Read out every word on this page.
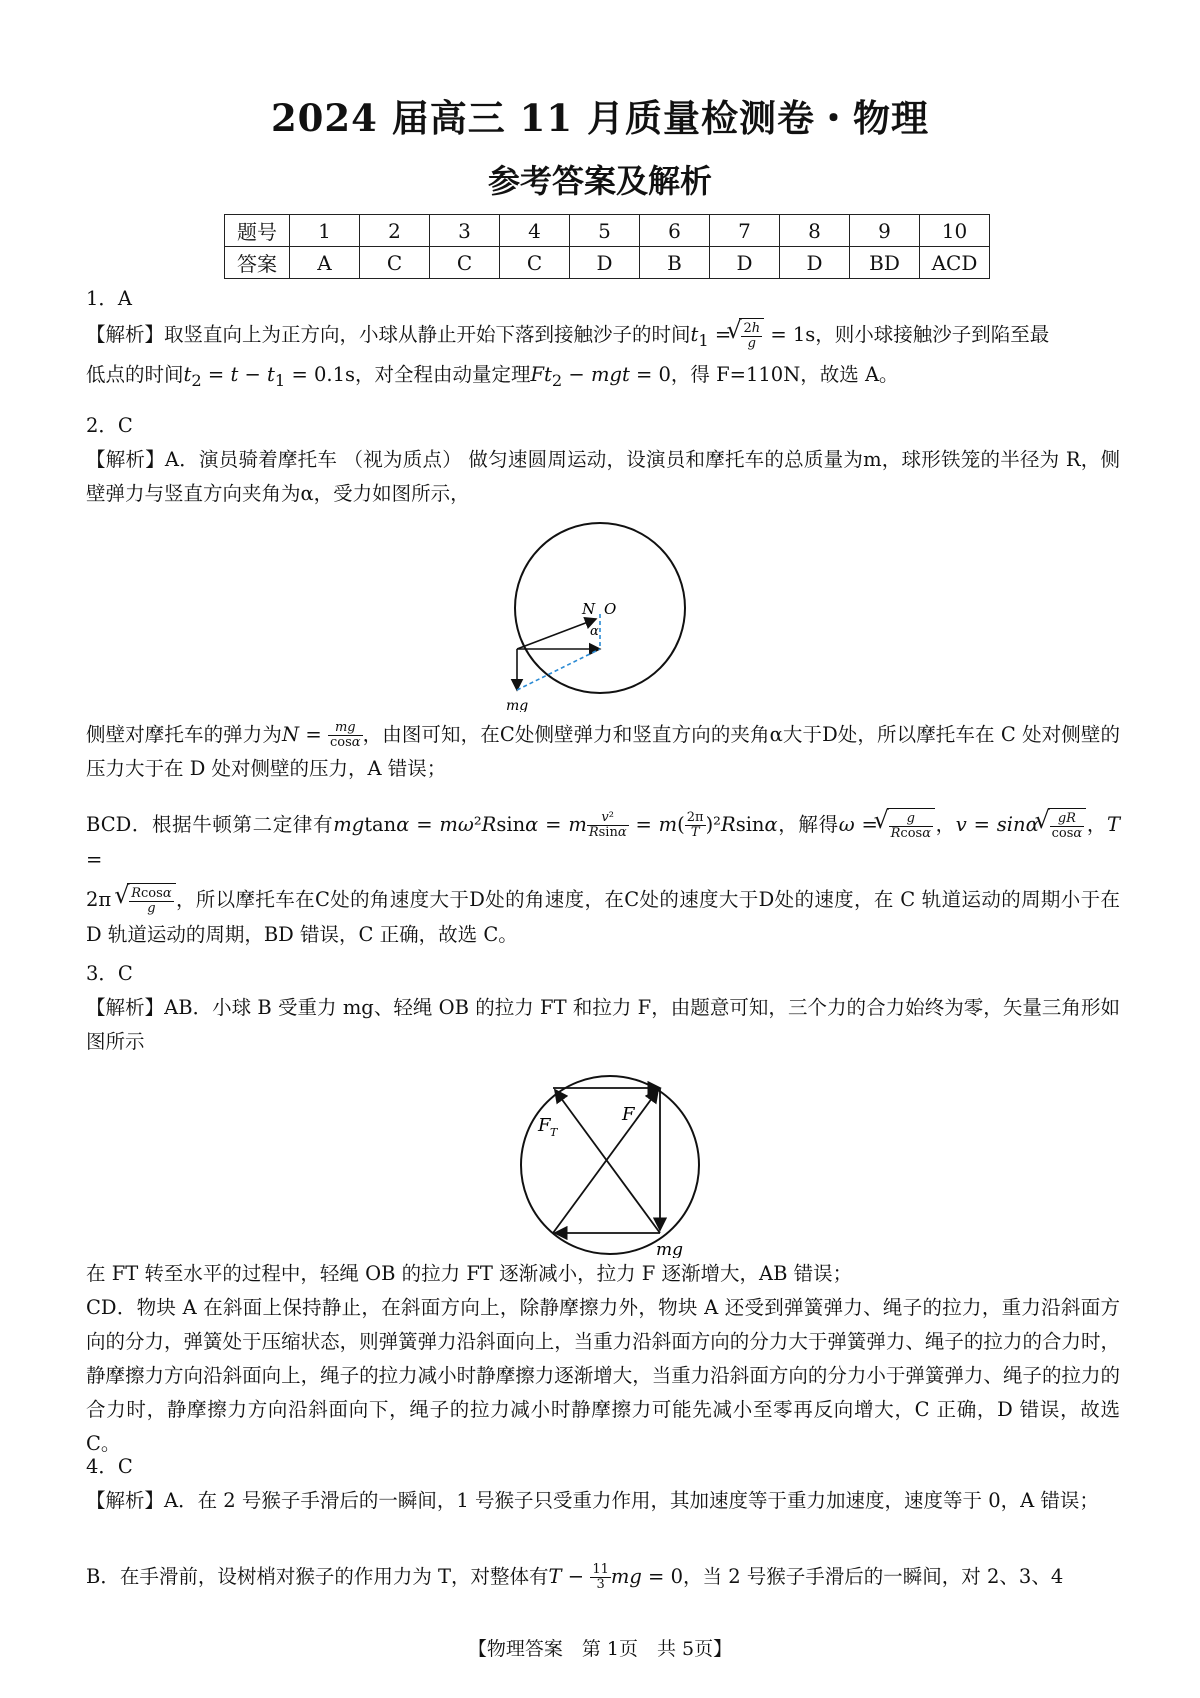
2024 届高三 11 月质量检测卷・物理
参考答案及解析
题号	1	2	3	4	5	6	7	8	9	10
答案	A	C	C	C	D	B	D	D	BD	ACD
1．A

【解析】取竖直向上为正方向，小球从静止开始下落到接触沙子的时间$t_1$ = √ $\frac{2h}{g} = 1s$，则小球接触沙子到陷至最

低点的时间$t_2 = t - t_1 = 0.1s$，对全程由动量定理$Ft_2$ − mgt = 0，得 F=110N，故选 A。

2．C

【解析】A．演员骑着摩托车 （视为质点） 做匀速圆周运动，设演员和摩托车的总质量为m，球形铁笼的半径为 R，侧壁弹力与竖直方向夹角为α，受力如图所示，

N O
α
mg

侧壁对摩托车的弹力为$N = \frac{mg}{\cos\alpha}$ ，由图可知，在C处侧壁弹力和竖直方向的夹角α大于D处，所以摩托车在 C 处对侧壁的压力大于在 D 处对侧壁的压力，A 错误；

BCD．根据牛顿第二定律有mgtanα = mω²Rsinα = m $\frac{\text{v²}}{Rsin\alpha} = m( \frac{2\pi}{T} )^2Rsin\alpha$，解得ω = √ $\frac{g}{Rcos\alpha}$ ，v = sinα √ $\frac{gR}{\cos\alpha}$ ，T =

2π √ $\frac{Rcos\alpha}{g}$ ，所以摩托车在C处的角速度大于D处的角速度，在C处的速度大于D处的速度，在 C 轨道运动的周期小于在 D 轨道运动的周期，BD 错误，C 正确，故选 C。

3．C

【解析】AB．小球 B 受重力 mg、轻绳 OB 的拉力 FT 和拉力 F，由题意可知，三个力的合力始终为零，矢量三角形如图所示

F T
F
mg

在 FT 转至水平的过程中，轻绳 OB 的拉力 FT 逐渐减小，拉力 F 逐渐增大，AB 错误；

CD．物块 A 在斜面上保持静止，在斜面方向上，除静摩擦力外，物块 A 还受到弹簧弹力、绳子的拉力，重力沿斜面方向的分力，弹簧处于压缩状态，则弹簧弹力沿斜面向上，当重力沿斜面方向的分力大于弹簧弹力、绳子的拉力的合力时，静摩擦力方向沿斜面向上，绳子的拉力减小时静摩擦力逐渐增大，当重力沿斜面方向的分力小于弹簧弹力、绳子的拉力的合力时，静摩擦力方向沿斜面向下，绳子的拉力减小时静摩擦力可能先减小至零再反向增大，C 正确，D 错误，故选 C。

4．C

【解析】A．在 2 号猴子手滑后的一瞬间，1 号猴子只受重力作用，其加速度等于重力加速度，速度等于 0，A 错误；

B．在手滑前，设树梢对猴子的作用力为 T，对整体有$T - \frac{11}{3}$ mg = 0，当 2 号猴子手滑后的一瞬间，对 2、3、4

【物理答案　第 1页　共 5页】
